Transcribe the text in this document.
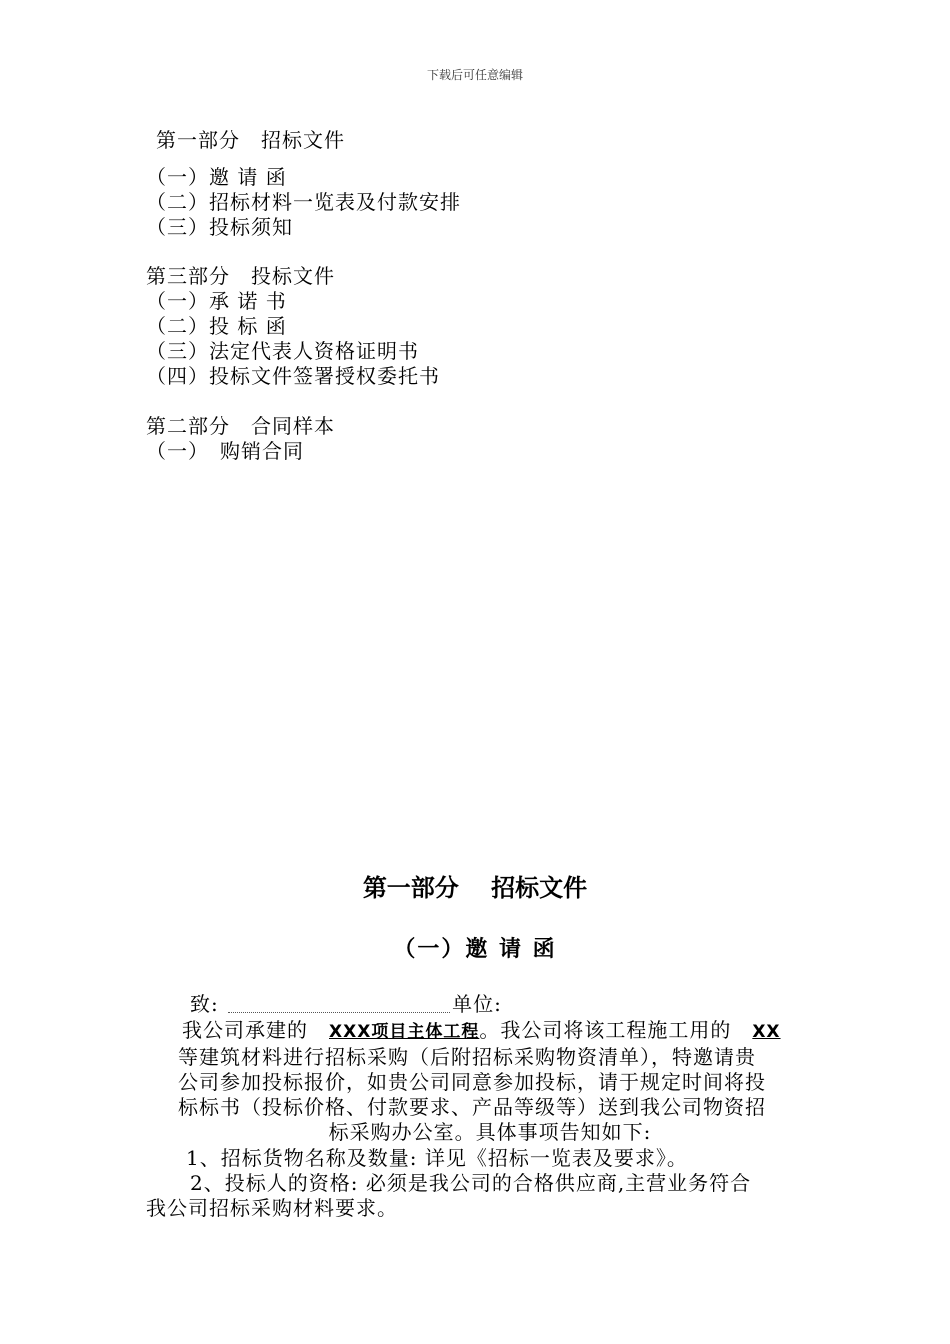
下载后可任意编辑
第一部分　招标文件
（一）邀 请 函
（二）招标材料一览表及付款安排
（三）投标须知
第三部分　投标文件
（一）承 诺 书
（二）投 标 函
（三）法定代表人资格证明书
（四）投标文件签署授权委托书
第二部分　合同样本
（一）　购销合同
第一部分　 招标文件
（一）邀 请 函
致:	单位:
我公司承建的　XXX项目主体工程。我公司将该工程施工用的　XX
等建筑材料进行招标采购（后附招标采购物资清单），特邀请贵
公司参加投标报价，如贵公司同意参加投标，请于规定时间将投
标标书（投标价格、付款要求、产品等级等）送到我公司物资招
标采购办公室。具体事项告知如下:
1、招标货物名称及数量: 详见《招标一览表及要求》。
2、投标人的资格: 必须是我公司的合格供应商,主营业务符合
我公司招标采购材料要求。
